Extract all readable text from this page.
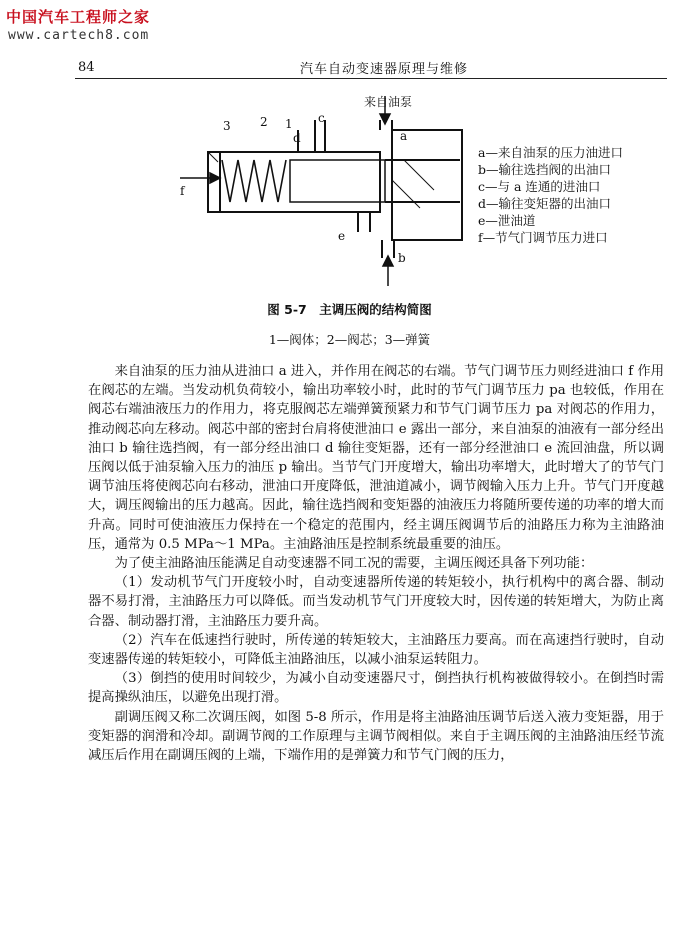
中国汽车工程师之家
www.cartech8.com
84	汽车自动变速器原理与维修
来自油泵
3 2 1
d
c
a
f
e
b
a—来自油泵的压力油进口
b—输往选挡阀的出油口
c—与 a 连通的进油口
d—输往变矩器的出油口
e—泄油道
f—节气门调节压力进口
图 5-7　主调压阀的结构简图
1—阀体；2—阀芯；3—弹簧

来自油泵的压力油从进油口 a 进入，并作用在阀芯的右端。节气门调节压力则经进油口 f 作用在阀芯的左端。当发动机负荷较小，输出功率较小时，此时的节气门调节压力 pa 也较低，作用在阀芯右端油液压力的作用力，将克服阀芯左端弹簧预紧力和节气门调节压力 pa 对阀芯的作用力，推动阀芯向左移动。阀芯中部的密封台肩将使泄油口 e 露出一部分，来自油泵的油液有一部分经出油口 b 输往选挡阀，有一部分经出油口 d 输往变矩器，还有一部分经泄油口 e 流回油盘，所以调压阀以低于油泵输入压力的油压 p 输出。当节气门开度增大，输出功率增大，此时增大了的节气门调节油压将使阀芯向右移动，泄油口开度降低，泄油道减小，调节阀输入压力上升。节气门开度越大，调压阀输出的压力越高。因此，输往选挡阀和变矩器的油液压力将随所要传递的功率的增大而升高。同时可使油液压力保持在一个稳定的范围内，经主调压阀调节后的油路压力称为主油路油压，通常为 0.5 MPa～1 MPa。主油路油压是控制系统最重要的油压。

为了使主油路油压能满足自动变速器不同工况的需要，主调压阀还具备下列功能：

（1）发动机节气门开度较小时，自动变速器所传递的转矩较小，执行机构中的离合器、制动器不易打滑，主油路压力可以降低。而当发动机节气门开度较大时，因传递的转矩增大，为防止离合器、制动器打滑，主油路压力要升高。

（2）汽车在低速挡行驶时，所传递的转矩较大，主油路压力要高。而在高速挡行驶时，自动变速器传递的转矩较小，可降低主油路油压，以减小油泵运转阻力。

（3）倒挡的使用时间较少，为减小自动变速器尺寸，倒挡执行机构被做得较小。在倒挡时需提高操纵油压，以避免出现打滑。

副调压阀又称二次调压阀，如图 5-8 所示，作用是将主油路油压调节后送入液力变矩器，用于变矩器的润滑和冷却。副调节阀的工作原理与主调节阀相似。来自于主调压阀的主油路油压经节流减压后作用在副调压阀的上端，下端作用的是弹簧力和节气门阀的压力，
